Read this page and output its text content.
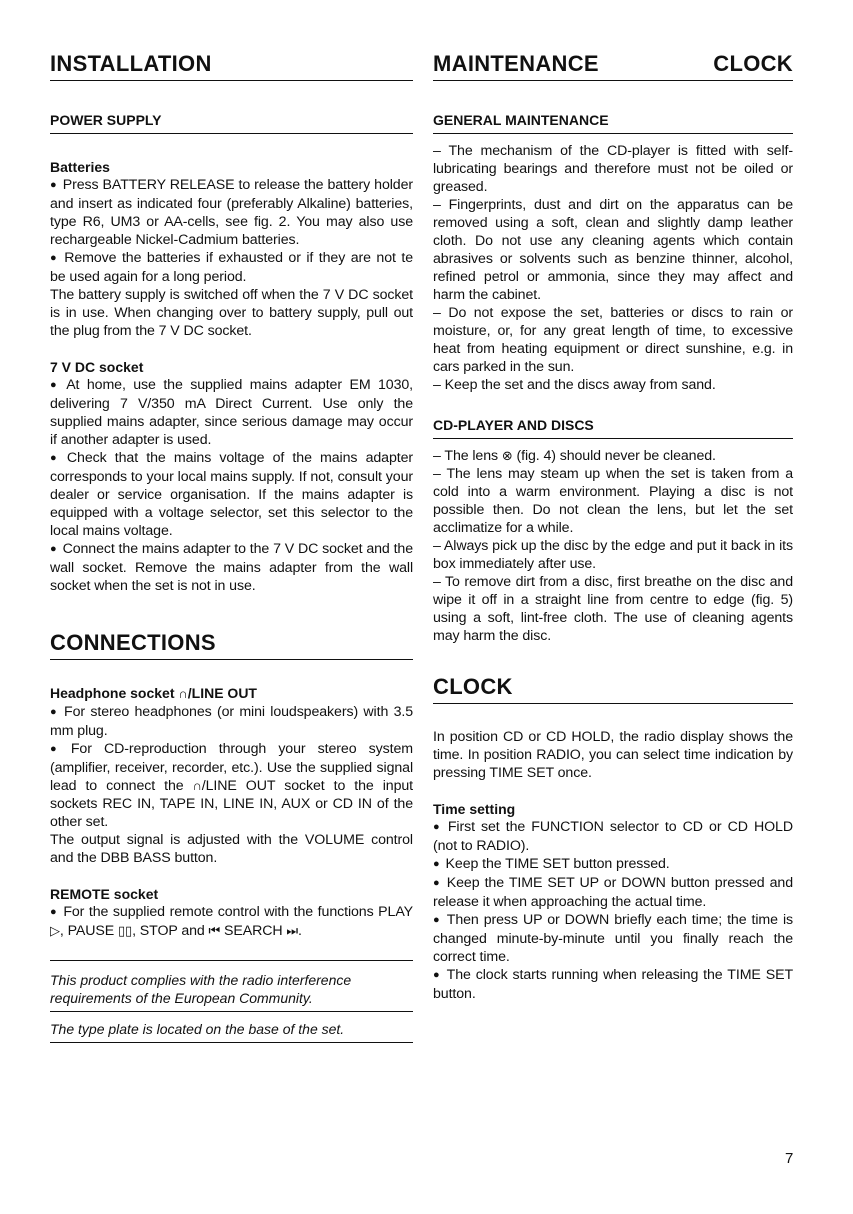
INSTALLATION
POWER SUPPLY
Batteries

● Press BATTERY RELEASE to release the battery holder and insert as indicated four (preferably Alkaline) batteries, type R6, UM3 or AA-cells, see fig. 2. You may also use rechargeable Nickel-Cadmium batteries.

● Remove the batteries if exhausted or if they are not te be used again for a long period.

The battery supply is switched off when the 7 V DC socket is in use. When changing over to battery supply, pull out the plug from the 7 V DC socket.

7 V DC socket

● At home, use the supplied mains adapter EM 1030, delivering 7 V/350 mA Direct Current. Use only the supplied mains adapter, since serious damage may occur if another adapter is used.

● Check that the mains voltage of the mains adapter corresponds to your local mains supply. If not, consult your dealer or service organisation. If the mains adapter is equipped with a voltage selector, set this selector to the local mains voltage.

● Connect the mains adapter to the 7 V DC socket and the wall socket. Remove the mains adapter from the wall socket when the set is not in use.

CONNECTIONS
Headphone socket ∩/LINE OUT

● For stereo headphones (or mini loudspeakers) with 3.5 mm plug.

● For CD-reproduction through your stereo system (amplifier, receiver, recorder, etc.). Use the supplied signal lead to connect the ∩/LINE OUT socket to the input sockets REC IN, TAPE IN, LINE IN, AUX or CD IN of the other set.

The output signal is adjusted with the VOLUME control and the DBB BASS button.

REMOTE socket

● For the supplied remote control with the functions PLAY ▷, PAUSE ▯▯, STOP and ⏮ SEARCH ⏭.

This product complies with the radio interference requirements of the European Community.

The type plate is located on the base of the set.

MAINTENANCE	CLOCK
GENERAL MAINTENANCE

– The mechanism of the CD-player is fitted with self-lubricating bearings and therefore must not be oiled or greased.

– Fingerprints, dust and dirt on the apparatus can be removed using a soft, clean and slightly damp leather cloth. Do not use any cleaning agents which contain abrasives or solvents such as benzine thinner, alcohol, refined petrol or ammonia, since they may affect and harm the cabinet.

– Do not expose the set, batteries or discs to rain or moisture, or, for any great length of time, to excessive heat from heating equipment or direct sunshine, e.g. in cars parked in the sun.

– Keep the set and the discs away from sand.

CD-PLAYER AND DISCS

– The lens ⊗ (fig. 4) should never be cleaned.

– The lens may steam up when the set is taken from a cold into a warm environment. Playing a disc is not possible then. Do not clean the lens, but let the set acclimatize for a while.

– Always pick up the disc by the edge and put it back in its box immediately after use.

– To remove dirt from a disc, first breathe on the disc and wipe it off in a straight line from centre to edge (fig. 5) using a soft, lint-free cloth. The use of cleaning agents may harm the disc.

CLOCK

In position CD or CD HOLD, the radio display shows the time. In position RADIO, you can select time indication by pressing TIME SET once.

Time setting

● First set the FUNCTION selector to CD or CD HOLD (not to RADIO).

● Keep the TIME SET button pressed.

● Keep the TIME SET UP or DOWN button pressed and release it when approaching the actual time.

● Then press UP or DOWN briefly each time; the time is changed minute-by-minute until you finally reach the correct time.

● The clock starts running when releasing the TIME SET button.

7
